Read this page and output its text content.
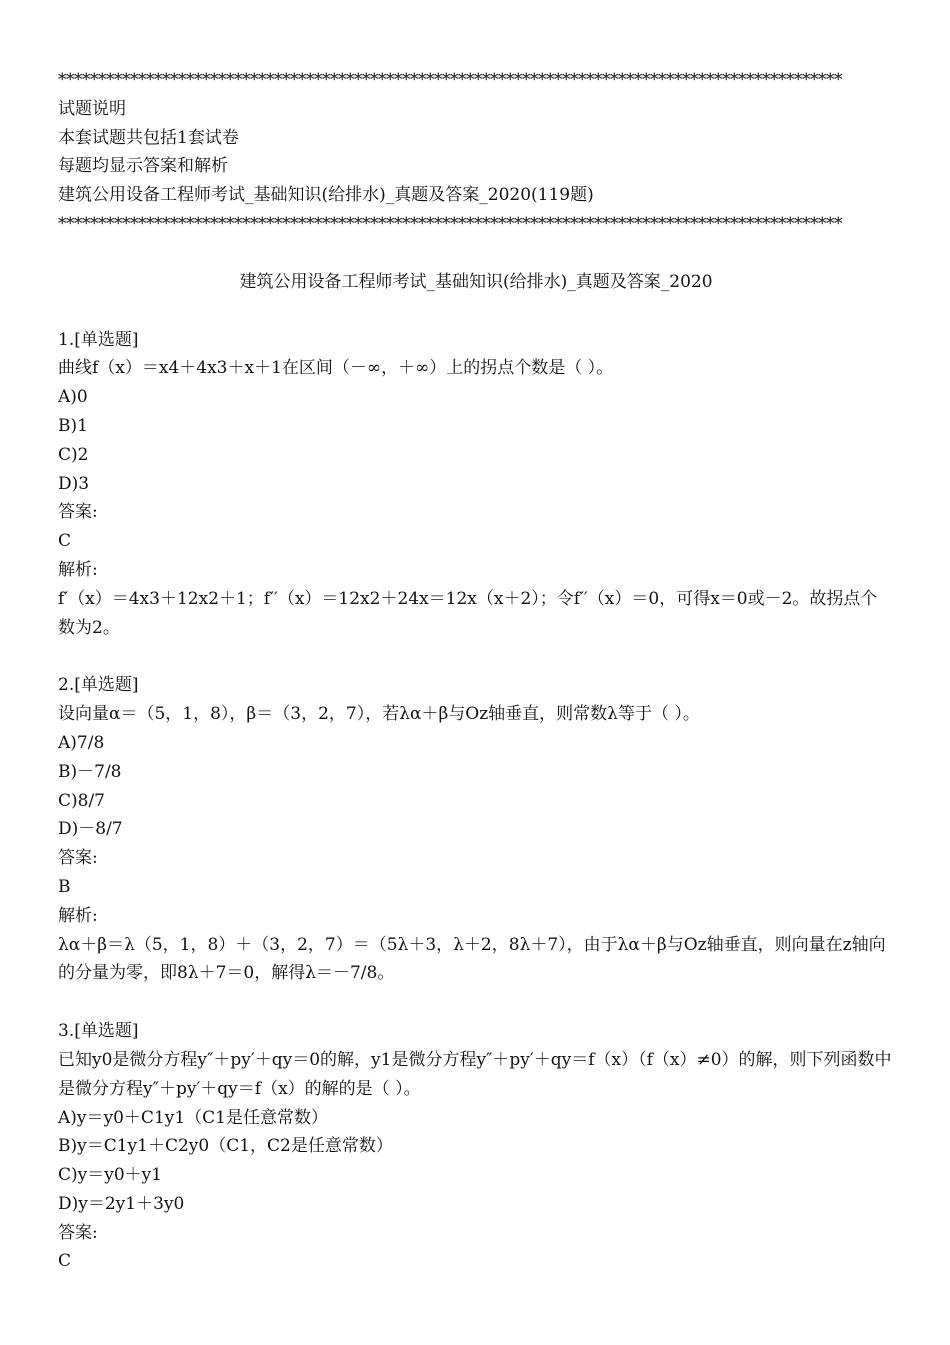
**************************************************************************************************
试题说明
本套试题共包括1套试卷
每题均显示答案和解析
建筑公用设备工程师考试_基础知识(给排水)_真题及答案_2020(119题)
**************************************************************************************************
建筑公用设备工程师考试_基础知识(给排水)_真题及答案_2020
1.[单选题]
曲线f（x）＝x4＋4x3＋x＋1在区间（－∞，＋∞）上的拐点个数是（ ）。
A)0
B)1
C)2
D)3
答案:
C
解析:
f′（x）＝4x3＋12x2＋1；f′′（x）＝12x2＋24x＝12x（x＋2）；令f′′（x）＝0，可得x＝0或－2。故拐点个数为2。
2.[单选题]
设向量α＝（5，1，8），β＝（3，2，7），若λα＋β与Oz轴垂直，则常数λ等于（ ）。
A)7/8
B)－7/8
C)8/7
D)－8/7
答案:
B
解析:
λα＋β＝λ（5，1，8）＋（3，2，7）＝（5λ＋3，λ＋2，8λ＋7），由于λα＋β与Oz轴垂直，则向量在z轴向的分量为零，即8λ＋7＝0，解得λ＝－7/8。
3.[单选题]
已知y0是微分方程y″＋py′＋qy＝0的解，y1是微分方程y″＋py′＋qy＝f（x）（f（x）≠0）的解，则下列函数中是微分方程y″＋py′＋qy＝f（x）的解的是（ ）。
A)y＝y0＋C1y1（C1是任意常数）
B)y＝C1y1＋C2y0（C1，C2是任意常数）
C)y＝y0＋y1
D)y＝2y1＋3y0
答案:
C
